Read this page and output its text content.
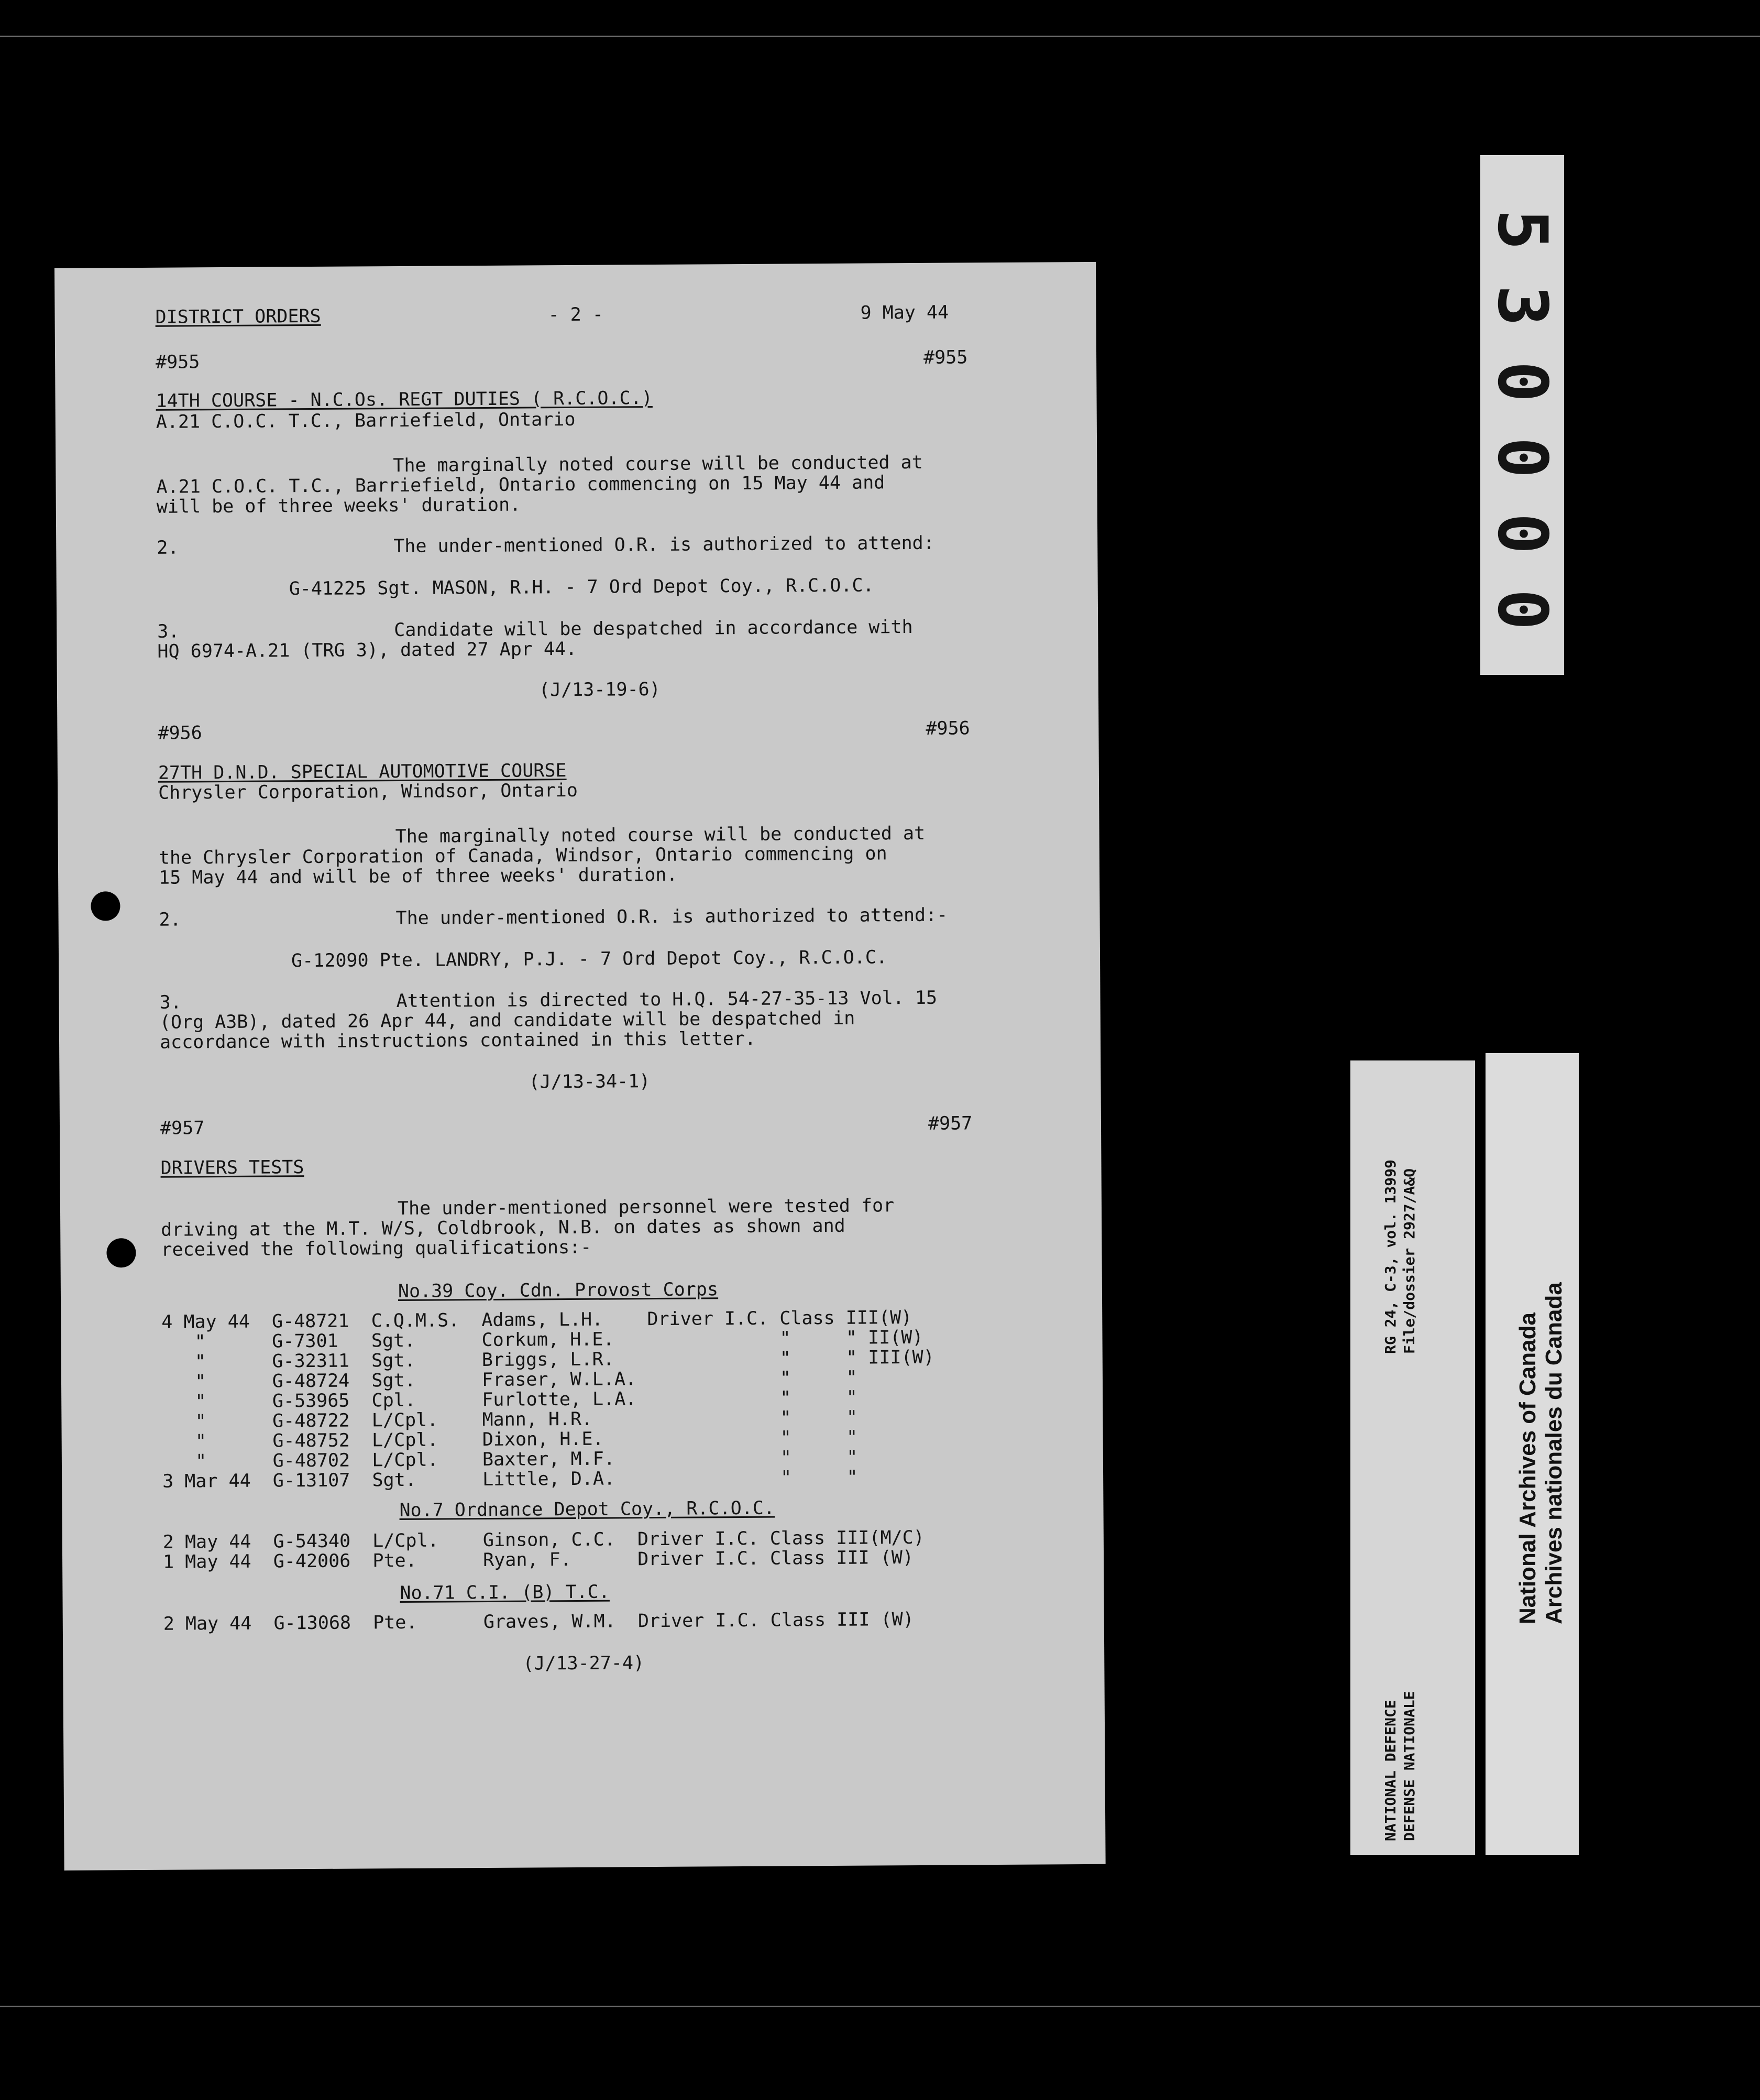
DISTRICT ORDERS	- 2 -	9 May 44
#955	#955
14TH COURSE - N.C.Os. REGT DUTIES ( R.C.O.C.)
A.21 C.O.C. T.C., Barriefield, Ontario
The marginally noted course will be conducted at
A.21 C.O.C. T.C., Barriefield, Ontario commencing on 15 May 44 and
will be of three weeks' duration.
2.	The under-mentioned O.R. is authorized to attend:
G-41225 Sgt. MASON, R.H. - 7 Ord Depot Coy., R.C.O.C.
3.	Candidate will be despatched in accordance with
HQ 6974-A.21 (TRG 3), dated 27 Apr 44.
(J/13-19-6)
#956	#956
27TH D.N.D. SPECIAL AUTOMOTIVE COURSE
Chrysler Corporation, Windsor, Ontario
The marginally noted course will be conducted at
the Chrysler Corporation of Canada, Windsor, Ontario commencing on
15 May 44 and will be of three weeks' duration.
2.	The under-mentioned O.R. is authorized to attend:-
G-12090 Pte. LANDRY, P.J. - 7 Ord Depot Coy., R.C.O.C.
3.	Attention is directed to H.Q. 54-27-35-13 Vol. 15
(Org A3B), dated 26 Apr 44, and candidate will be despatched in
accordance with instructions contained in this letter.
(J/13-34-1)
#957	#957
DRIVERS TESTS
The under-mentioned personnel were tested for
driving at the M.T. W/S, Coldbrook, N.B. on dates as shown and
received the following qualifications:-
No.39 Coy. Cdn. Provost Corps
4 May 44  G-48721  C.Q.M.S.  Adams, L.H.    Driver I.C. Class III(W)
"      G-7301   Sgt.      Corkum, H.E.               "     " II(W)
"      G-32311  Sgt.      Briggs, L.R.               "     " III(W)
"      G-48724  Sgt.      Fraser, W.L.A.             "     "
"      G-53965  Cpl.      Furlotte, L.A.             "     "
"      G-48722  L/Cpl.    Mann, H.R.                 "     "
"      G-48752  L/Cpl.    Dixon, H.E.                "     "
"      G-48702  L/Cpl.    Baxter, M.F.               "     "
3 Mar 44  G-13107  Sgt.      Little, D.A.               "     "
No.7 Ordnance Depot Coy., R.C.O.C.
2 May 44  G-54340  L/Cpl.    Ginson, C.C.  Driver I.C. Class III(M/C)
1 May 44  G-42006  Pte.      Ryan, F.      Driver I.C. Class III (W)
No.71 C.I. (B) T.C.
2 May 44  G-13068  Pte.      Graves, W.M.  Driver I.C. Class III (W)
(J/13-27-4)
5
3
0
0
0
0
RG 24, C-3, vol. 13999 File/dossier 2927/A&Q
NATIONAL DEFENCE DEFENSE NATIONALE
National Archives of Canada Archives nationales du Canada
